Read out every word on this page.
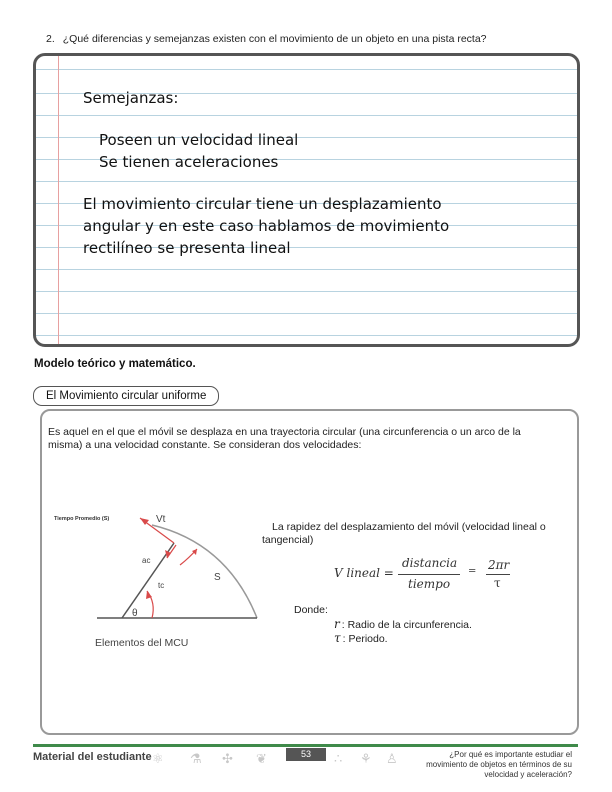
2. ¿Qué diferencias y semejanzas existen con el movimiento de un objeto en una pista recta?
Semejanzas:
Poseen un velocidad lineal
Se tienen aceleraciones
El movimiento circular tiene un desplazamiento
angular y en este caso hablamos de movimiento
rectilíneo se presenta lineal
Modelo teórico y matemático.
El Movimiento circular uniforme
Es aquel en el que el móvil se desplaza en una trayectoria circular (una circunferencia o un arco de la misma) a una velocidad constante. Se consideran dos velocidades:
Tiempo Promedio (S)	Vt
ac
tc
S
θ
Elementos del MCU
La rapidez del desplazamiento del móvil (velocidad lineal o tangencial)
V lineal =
distancia
tiempo
= 2πr
τ
Donde:
r : Radio de la circunferencia.
τ : Periodo.
Material del estudiante ⚛ ⚗ ✣ ❦	53	∴ ⚘ ♙	¿Por qué es importante estudiar el movimiento de objetos en términos de su velocidad y aceleración?
